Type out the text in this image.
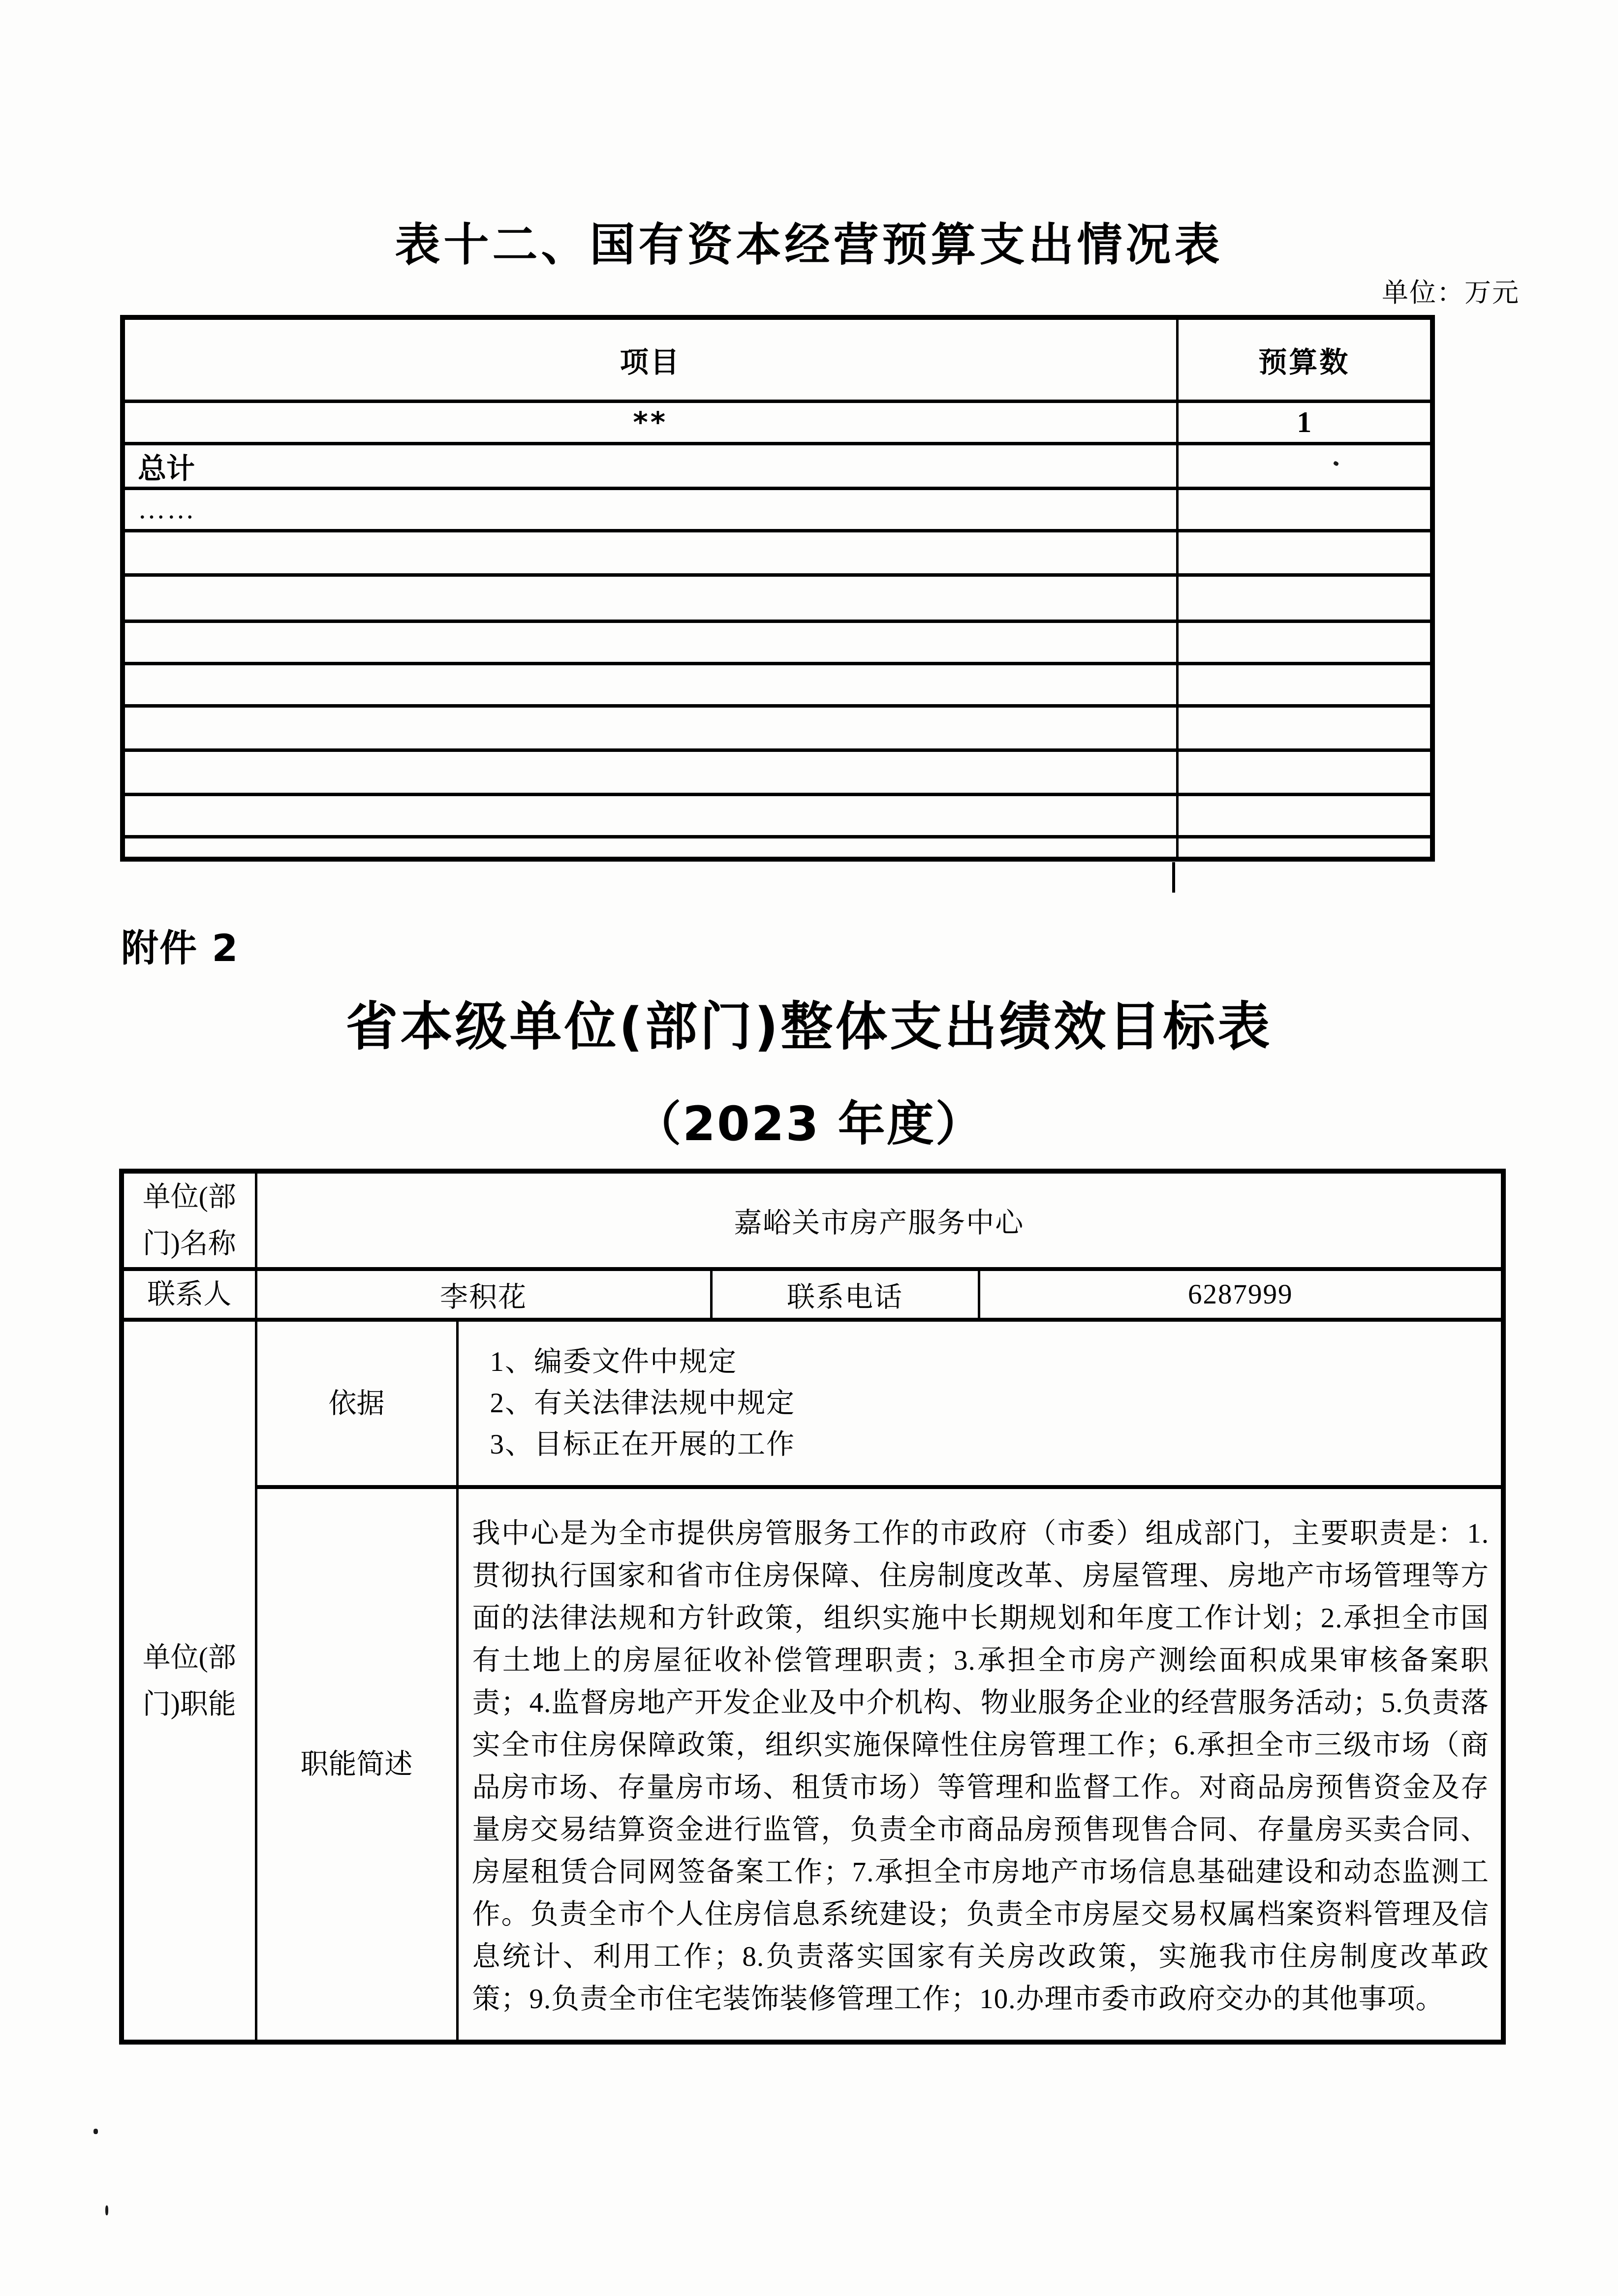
表十二、国有资本经营预算支出情况表
单位：万元
项目	预算数
**	1
总计	
……	

附件 2
省本级单位(部门)整体支出绩效目标表
（2023 年度）
单位(部
门)名称	嘉峪关市房产服务中心			
联系人	李积花		联系电话	6287999

单位(部
门)职能	依据	1、编委文件中规定
2、有关法律法规中规定
3、目标正在开展的工作		

	职能简述	我中心是为全市提供房管服务工作的市政府（市委）组成部门，主要职责是：1.贯彻执行国家和省市住房保障、住房制度改革、房屋管理、房地产市场管理等方面的法律法规和方针政策，组织实施中长期规划和年度工作计划；2.承担全市国有土地上的房屋征收补偿管理职责；3.承担全市房产测绘面积成果审核备案职责；4.监督房地产开发企业及中介机构、物业服务企业的经营服务活动；5.负责落实全市住房保障政策，组织实施保障性住房管理工作；6.承担全市三级市场（商品房市场、存量房市场、租赁市场）等管理和监督工作。对商品房预售资金及存量房交易结算资金进行监管，负责全市商品房预售现售合同、存量房买卖合同、房屋租赁合同网签备案工作；7.承担全市房地产市场信息基础建设和动态监测工作。负责全市个人住房信息系统建设；负责全市房屋交易权属档案资料管理及信息统计、利用工作；8.负责落实国家有关房改政策，实施我市住房制度改革政策；9.负责全市住宅装饰装修管理工作；10.办理市委市政府交办的其他事项。		
